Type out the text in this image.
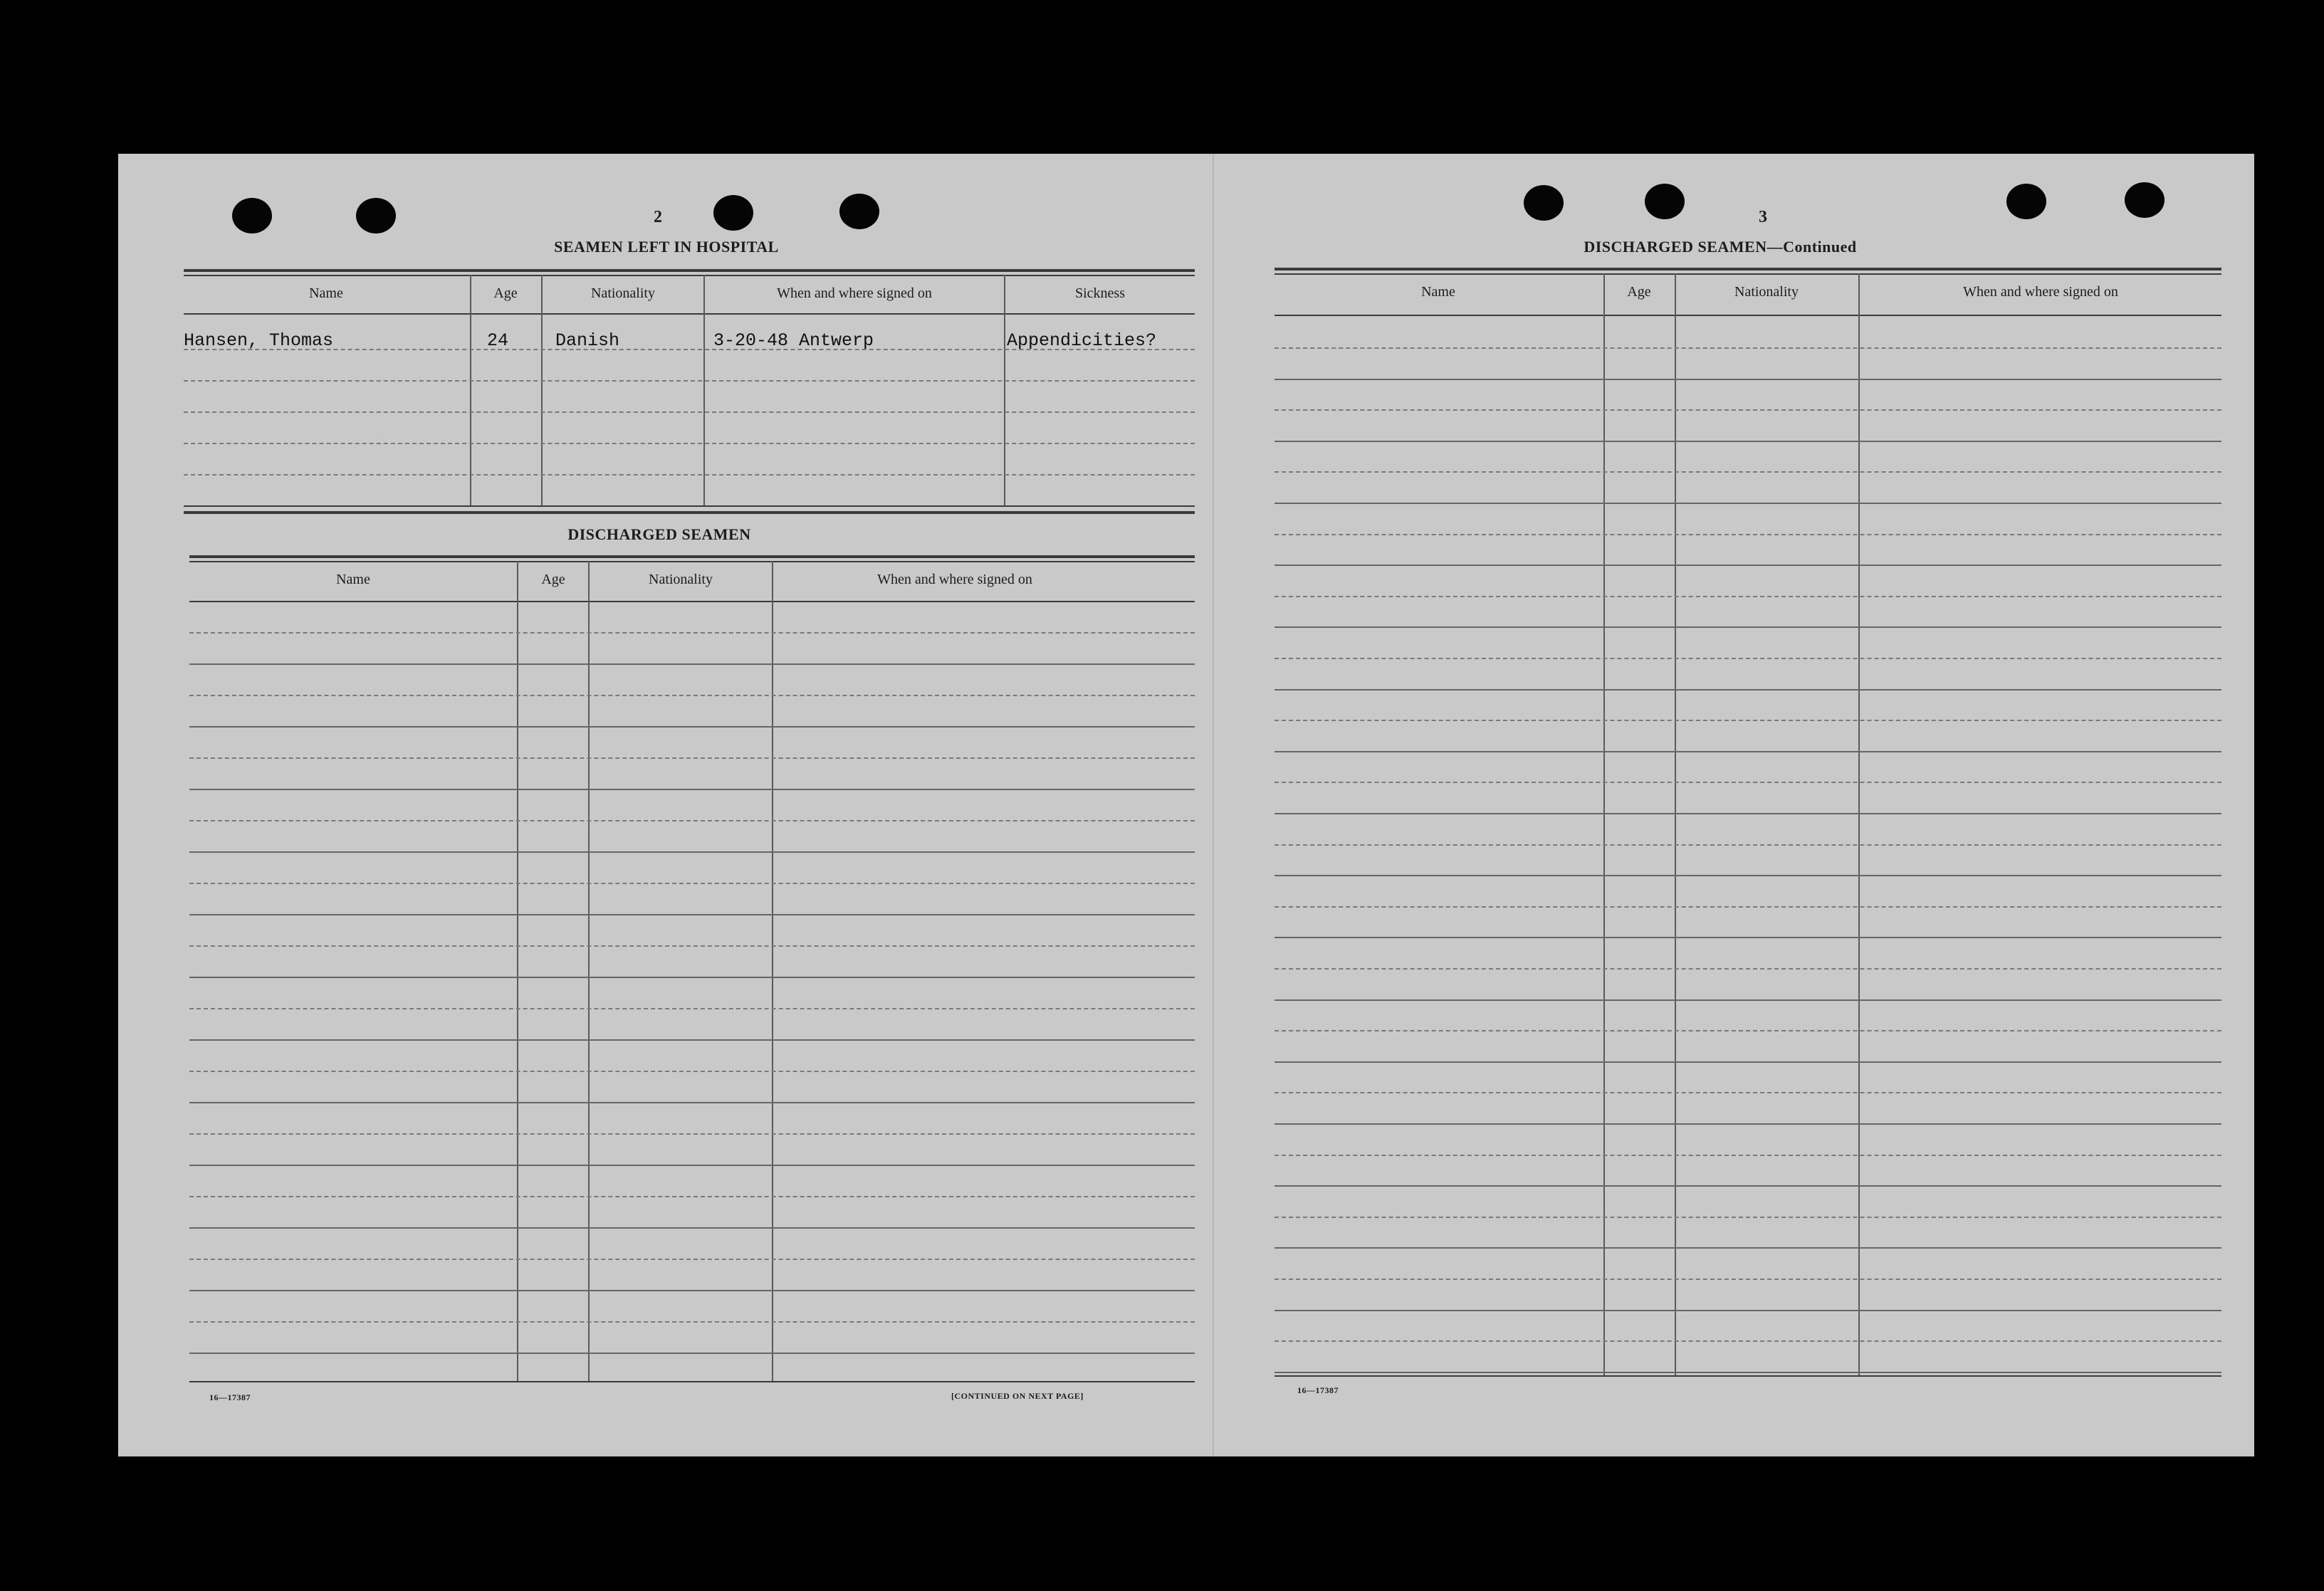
2
SEAMEN LEFT IN HOSPITAL
Name	Age	Nationality	When and where signed on	Sickness
Hansen, Thomas	24	Danish	3-20-48 Antwerp	Appendicities?
DISCHARGED SEAMEN
Name	Age	Nationality	When and where signed on
16—17387	[CONTINUED ON NEXT PAGE]
3
DISCHARGED SEAMEN—Continued
Name	Age	Nationality	When and where signed on
16—17387
